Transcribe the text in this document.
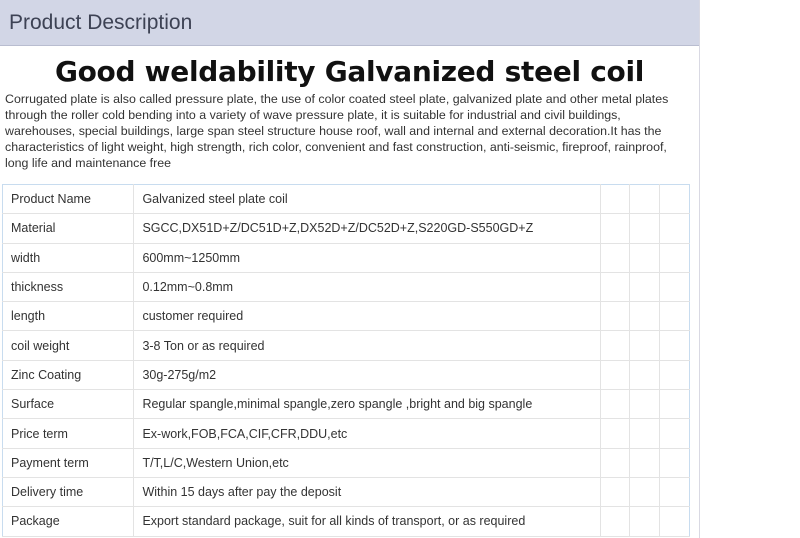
Product Description
Good weldability Galvanized steel coil
Corrugated plate is also called pressure plate, the use of color coated steel plate, galvanized plate and other metal plates through the roller cold bending into a variety of wave pressure plate, it is suitable for industrial and civil buildings, warehouses, special buildings, large span steel structure house roof, wall and internal and external decoration.It has the characteristics of light weight, high strength, rich color, convenient and fast construction, anti-seismic, fireproof, rainproof, long life and maintenance free
Product Name	Galvanized steel plate coil			
Material	SGCC,DX51D+Z/DC51D+Z,DX52D+Z/DC52D+Z,S220GD-S550GD+Z			
width	600mm~1250mm			
thickness	0.12mm~0.8mm			
length	customer required			
coil weight	3-8 Ton or as required			
Zinc Coating	30g-275g/m2			
Surface	Regular spangle,minimal spangle,zero spangle ,bright and big spangle			
Price term	Ex-work,FOB,FCA,CIF,CFR,DDU,etc			
Payment term	T/T,L/C,Western Union,etc			
Delivery time	Within 15 days after pay the deposit			
Package	Export standard package, suit for all kinds of transport, or as required			
